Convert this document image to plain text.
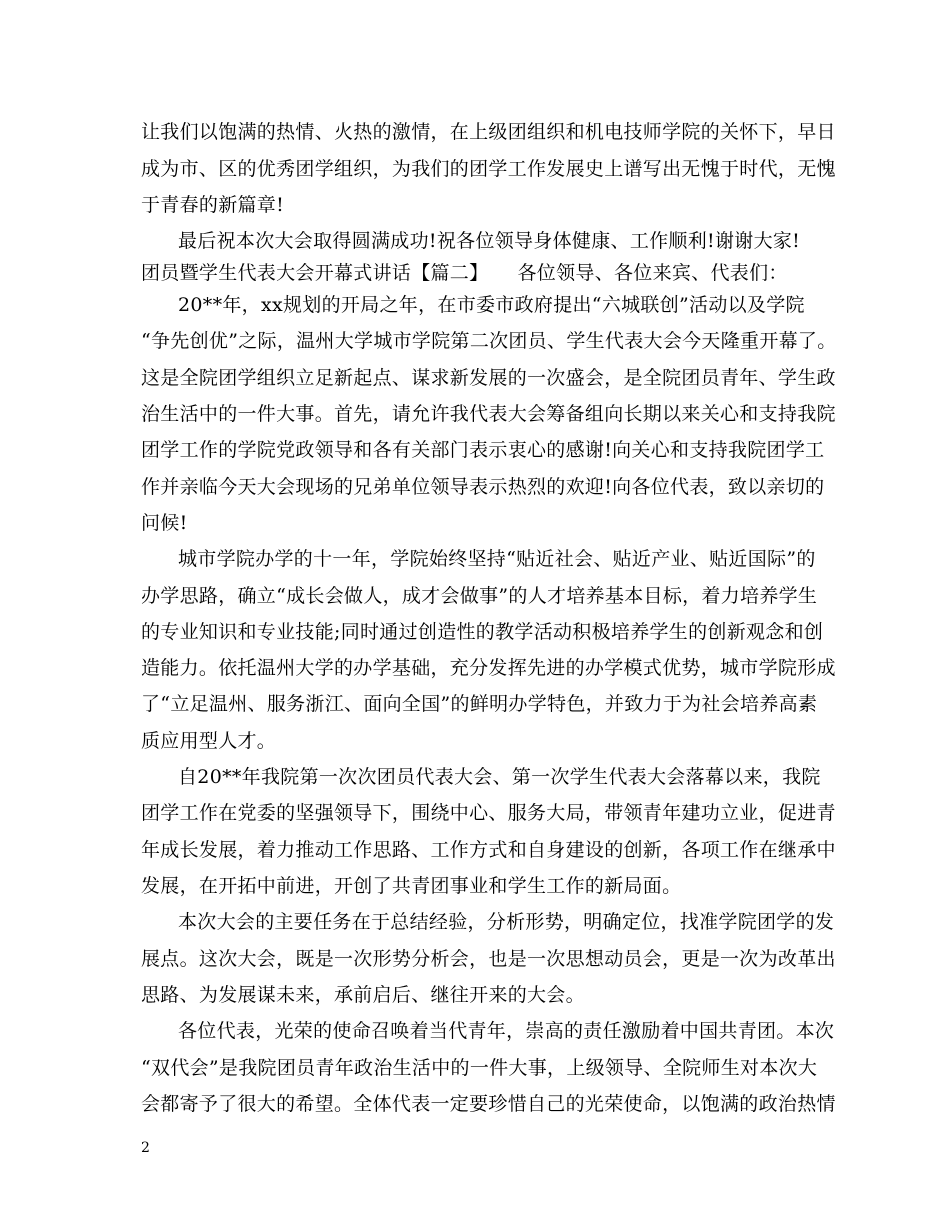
让我们以饱满的热情、火热的激情，在上级团组织和机电技师学院的关怀下，早日
成为市、区的优秀团学组织，为我们的团学工作发展史上谱写出无愧于时代，无愧
于青春的新篇章!
最后祝本次大会取得圆满成功!祝各位领导身体健康、工作顺利!谢谢大家!
团员暨学生代表大会开幕式讲话【篇二】　　各位领导、各位来宾、代表们：
20**年，xx规划的开局之年，在市委市政府提出“六城联创”活动以及学院
“争先创优”之际，温州大学城市学院第二次团员、学生代表大会今天隆重开幕了。
这是全院团学组织立足新起点、谋求新发展的一次盛会，是全院团员青年、学生政
治生活中的一件大事。首先，请允许我代表大会筹备组向长期以来关心和支持我院
团学工作的学院党政领导和各有关部门表示衷心的感谢!向关心和支持我院团学工
作并亲临今天大会现场的兄弟单位领导表示热烈的欢迎!向各位代表，致以亲切的
问候!
城市学院办学的十一年，学院始终坚持“贴近社会、贴近产业、贴近国际”的
办学思路，确立“成长会做人，成才会做事”的人才培养基本目标，着力培养学生
的专业知识和专业技能;同时通过创造性的教学活动积极培养学生的创新观念和创
造能力。依托温州大学的办学基础，充分发挥先进的办学模式优势，城市学院形成
了“立足温州、服务浙江、面向全国”的鲜明办学特色，并致力于为社会培养高素
质应用型人才。
自20**年我院第一次次团员代表大会、第一次学生代表大会落幕以来，我院
团学工作在党委的坚强领导下，围绕中心、服务大局，带领青年建功立业，促进青
年成长发展，着力推动工作思路、工作方式和自身建设的创新，各项工作在继承中
发展，在开拓中前进，开创了共青团事业和学生工作的新局面。
本次大会的主要任务在于总结经验，分析形势，明确定位，找准学院团学的发
展点。这次大会，既是一次形势分析会，也是一次思想动员会，更是一次为改革出
思路、为发展谋未来，承前启后、继往开来的大会。
各位代表，光荣的使命召唤着当代青年，崇高的责任激励着中国共青团。本次
“双代会”是我院团员青年政治生活中的一件大事，上级领导、全院师生对本次大
会都寄予了很大的希望。全体代表一定要珍惜自己的光荣使命，以饱满的政治热情
2
